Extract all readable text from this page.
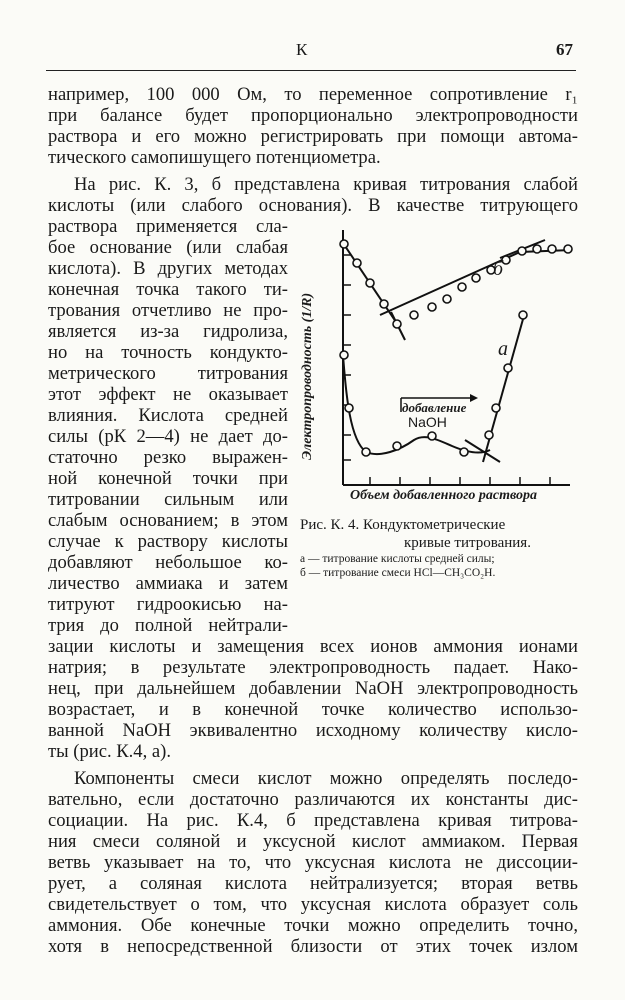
К	67
например, 100 000 Ом, то переменное сопротивление r₁
при балансе будет пропорционально электропроводности
раствора и его можно регистрировать при помощи автома-
тического самопишущего потенциометра.
На рис. К. 3, б представлена кривая титрования слабой
кислоты (или слабого основания). В качестве титрующего
раствора применяется сла-
бое основание (или слабая
кислота). В других методах
конечная точка такого ти-
трования отчетливо не про-
является из-за гидролиза,
но на точность кондукто-
метрического титрования
этот эффект не оказывает
влияния. Кислота средней
силы (рК 2—4) не дает до-
статочно резко выражен-
ной конечной точки при
титровании сильным или
слабым основанием; в этом
случае к раствору кислоты
добавляют небольшое ко-
личество аммиака и затем
титруют гидроокисью на-
трия до полной нейтрали-
зации кислоты и замещения всех ионов аммония ионами
натрия; в результате электропроводность падает. Нако-
нец, при дальнейшем добавлении NaOH электропроводность
возрастает, и в конечной точке количество использо-
ванной NaOH эквивалентно исходному количеству кисло-
ты (рис. К.4, а).
Компоненты смеси кислот можно определять последо-
вательно, если достаточно различаются их константы дис-
социации. На рис. К.4, б представлена кривая титрова-
ния смеси соляной и уксусной кислот аммиаком. Первая
ветвь указывает на то, что уксусная кислота не диссоции-
рует, а соляная кислота нейтрализуется; вторая ветвь
свидетельствует о том, что уксусная кислота образует соль
аммония. Обе конечные точки можно определить точно,
хотя в непосредственной близости от этих точек излом
Электропроводность (1/R)
Объем добавленного раствора
б
а
добавление
NaOH
Рис. К. 4. Кондуктометрические
кривые титрования.
а — титрование кислоты средней силы;
б — титрование смеси HCl—CH₃CO₂H.
